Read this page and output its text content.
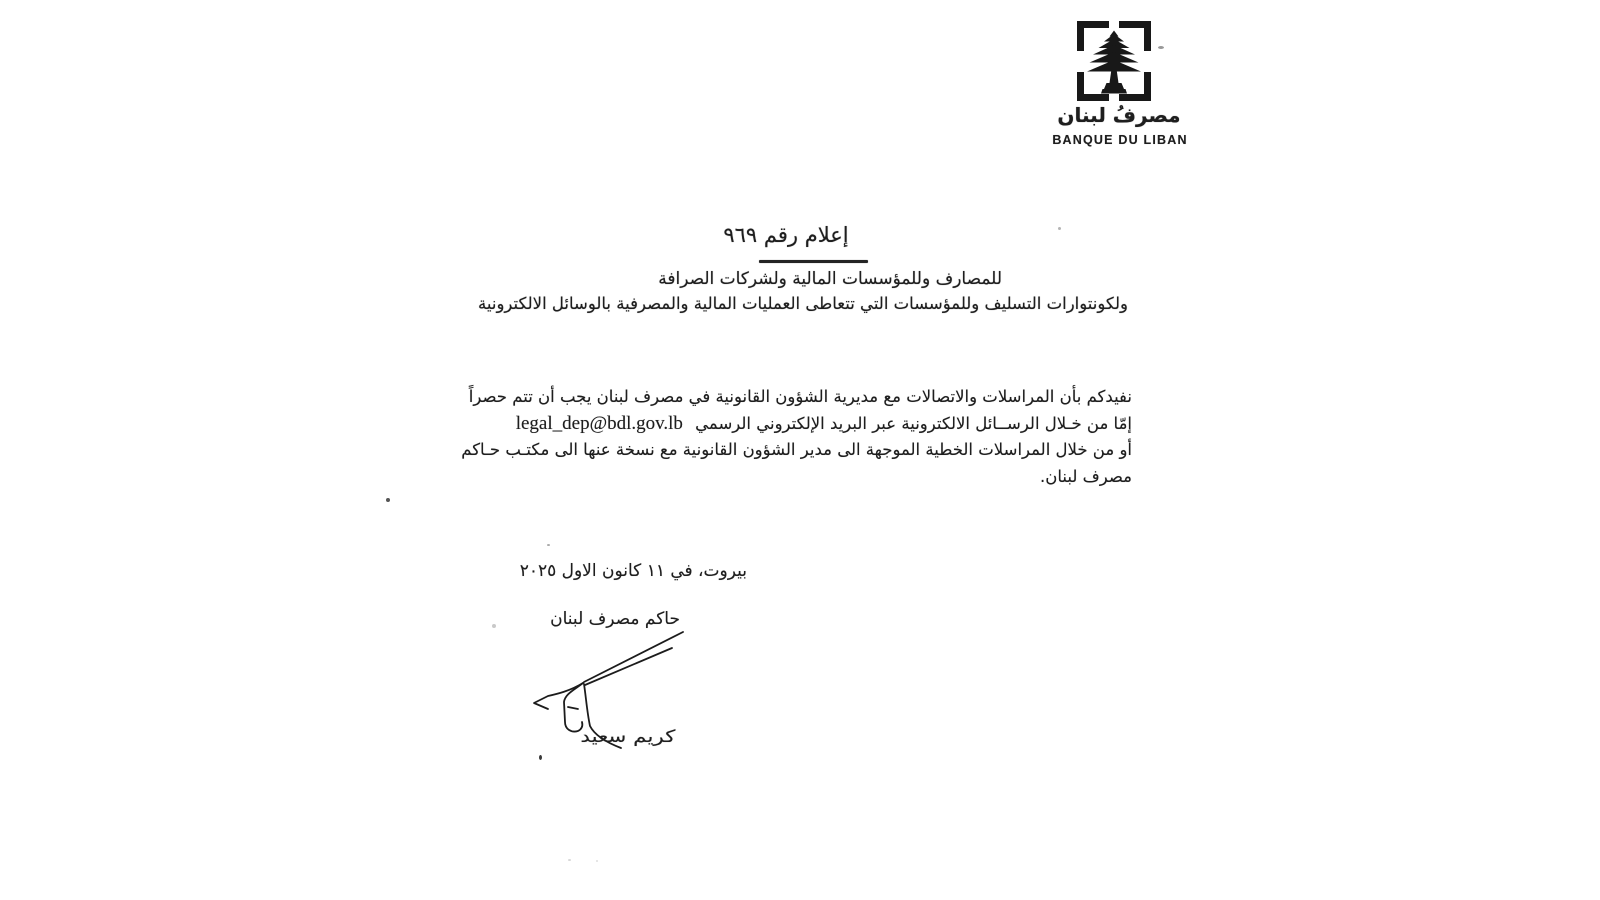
مصرفُ لبنان
BANQUE DU LIBAN
إعلام رقم ٩٦٩
للمصارف وللمؤسسات المالية ولشركات الصرافة
ولكونتوارات التسليف وللمؤسسات التي تتعاطى العمليات المالية والمصرفية بالوسائل الالكترونية
نفيدكم بأن المراسلات والاتصالات مع مديرية الشؤون القانونية في مصرف لبنان يجب أن تتم حصراً
إمّا من خـلال الرســائل الالكترونية عبر البريد الإلكتروني الرسمي legal_dep@bdl.gov.lb
أو من خلال المراسلات الخطية الموجهة الى مدير الشؤون القانونية مع نسخة عنها الى مكتـب حـاكم
مصرف لبنان.
بيروت، في ١١ كانون الاول ٢٠٢٥
حاكم مصرف لبنان
كريم سعيد
